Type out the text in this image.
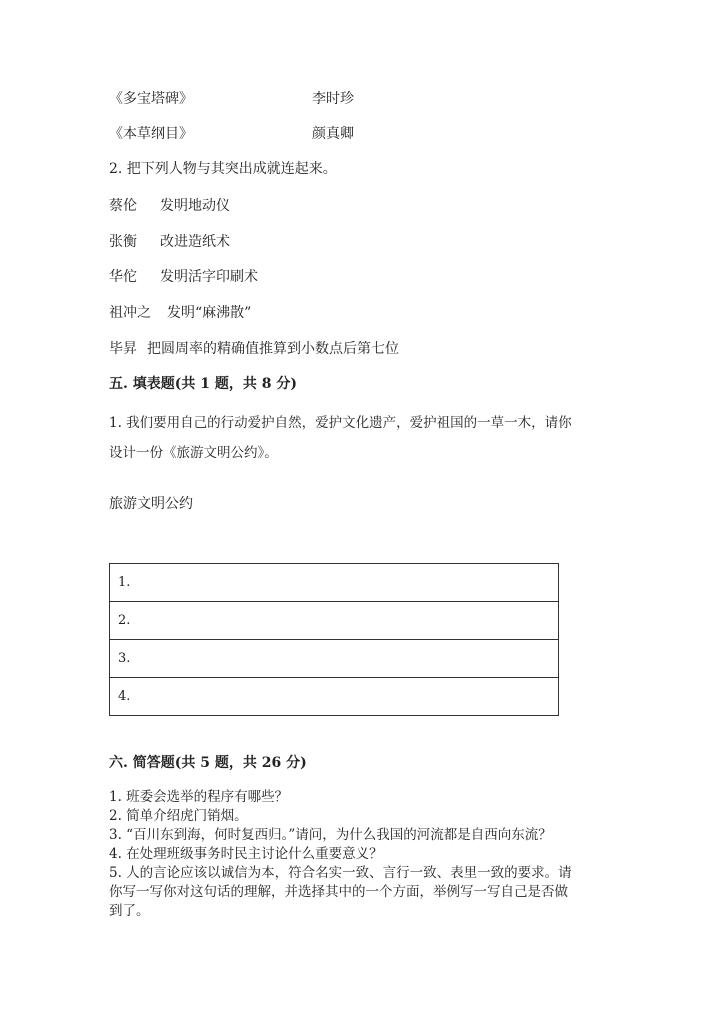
《多宝塔碑》	李时珍
《本草纲目》	颜真卿
2. 把下列人物与其突出成就连起来。
蔡伦 发明地动仪
张衡 改进造纸术
华佗 发明活字印刷术
祖冲之 发明“麻沸散”
毕昇 把圆周率的精确值推算到小数点后第七位
五. 填表题(共 1 题，共 8 分)
1. 我们要用自己的行动爱护自然，爱护文化遗产，爱护祖国的一草一木，请你
设计一份《旅游文明公约》。
旅游文明公约
1.
2.
3.
4.
六. 简答题(共 5 题，共 26 分)
1. 班委会选举的程序有哪些？
2. 简单介绍虎门销烟。
3. “百川东到海，何时复西归。”请问，为什么我国的河流都是自西向东流？
4. 在处理班级事务时民主讨论什么重要意义？
5. 人的言论应该以诚信为本，符合名实一致、言行一致、表里一致的要求。请
你写一写你对这句话的理解，并选择其中的一个方面，举例写一写自己是否做
到了。
